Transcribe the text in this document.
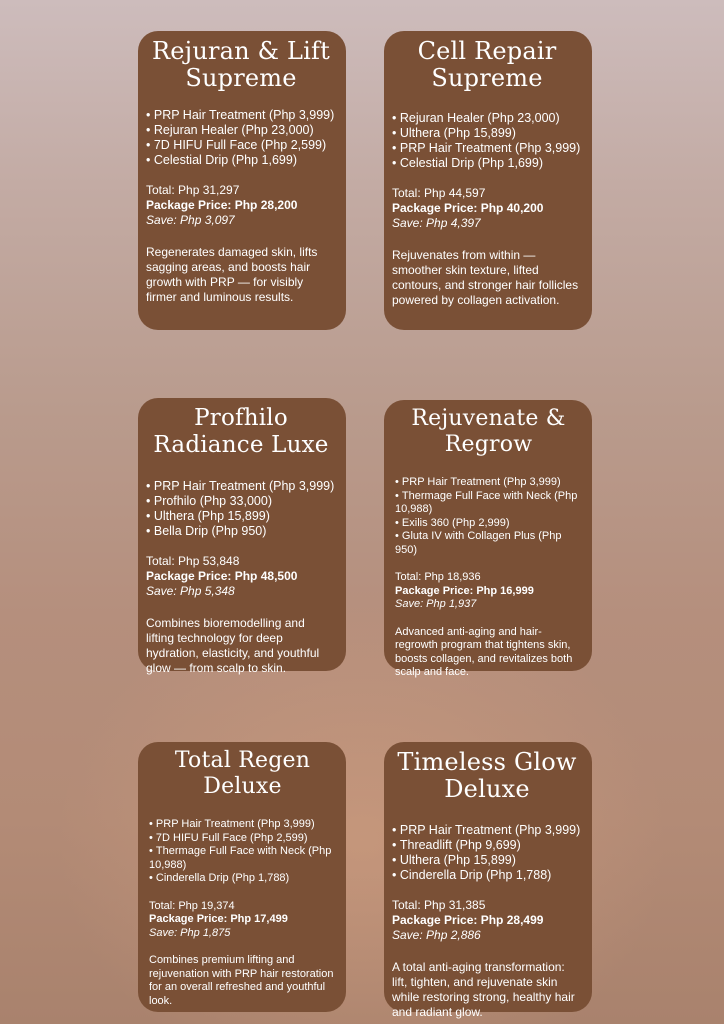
Rejuran & Lift
Supreme
• PRP Hair Treatment (Php 3,999)
• Rejuran Healer (Php 23,000)
• 7D HIFU Full Face (Php 2,599)
• Celestial Drip (Php 1,699)

Total: Php 31,297
Package Price: Php 28,200
Save: Php 3,097

Regenerates damaged skin, lifts sagging areas, and boosts hair growth with PRP — for visibly firmer and luminous results.

Cell Repair
Supreme
• Rejuran Healer (Php 23,000)
• Ulthera (Php 15,899)
• PRP Hair Treatment (Php 3,999)
• Celestial Drip (Php 1,699)

Total: Php 44,597
Package Price: Php 40,200
Save: Php 4,397

Rejuvenates from within — smoother skin texture, lifted contours, and stronger hair follicles powered by collagen activation.

Profhilo
Radiance Luxe
• PRP Hair Treatment (Php 3,999)
• Profhilo (Php 33,000)
• Ulthera (Php 15,899)
• Bella Drip (Php 950)

Total: Php 53,848
Package Price: Php 48,500
Save: Php 5,348

Combines bioremodelling and lifting technology for deep hydration, elasticity, and youthful glow — from scalp to skin.

Rejuvenate &
Regrow
• PRP Hair Treatment (Php 3,999)
• Thermage Full Face with Neck (Php 10,988)
• Exilis 360 (Php 2,999)
• Gluta IV with Collagen Plus (Php 950)

Total: Php 18,936
Package Price: Php 16,999
Save: Php 1,937

Advanced anti-aging and hair-regrowth program that tightens skin, boosts collagen, and revitalizes both scalp and face.

Total Regen
Deluxe
• PRP Hair Treatment (Php 3,999)
• 7D HIFU Full Face (Php 2,599)
• Thermage Full Face with Neck (Php 10,988)
• Cinderella Drip (Php 1,788)

Total: Php 19,374
Package Price: Php 17,499
Save: Php 1,875

Combines premium lifting and rejuvenation with PRP hair restoration for an overall refreshed and youthful look.

Timeless Glow
Deluxe
• PRP Hair Treatment (Php 3,999)
• Threadlift (Php 9,699)
• Ulthera (Php 15,899)
• Cinderella Drip (Php 1,788)

Total: Php 31,385
Package Price: Php 28,499
Save: Php 2,886

A total anti-aging transformation: lift, tighten, and rejuvenate skin while restoring strong, healthy hair and radiant glow.
